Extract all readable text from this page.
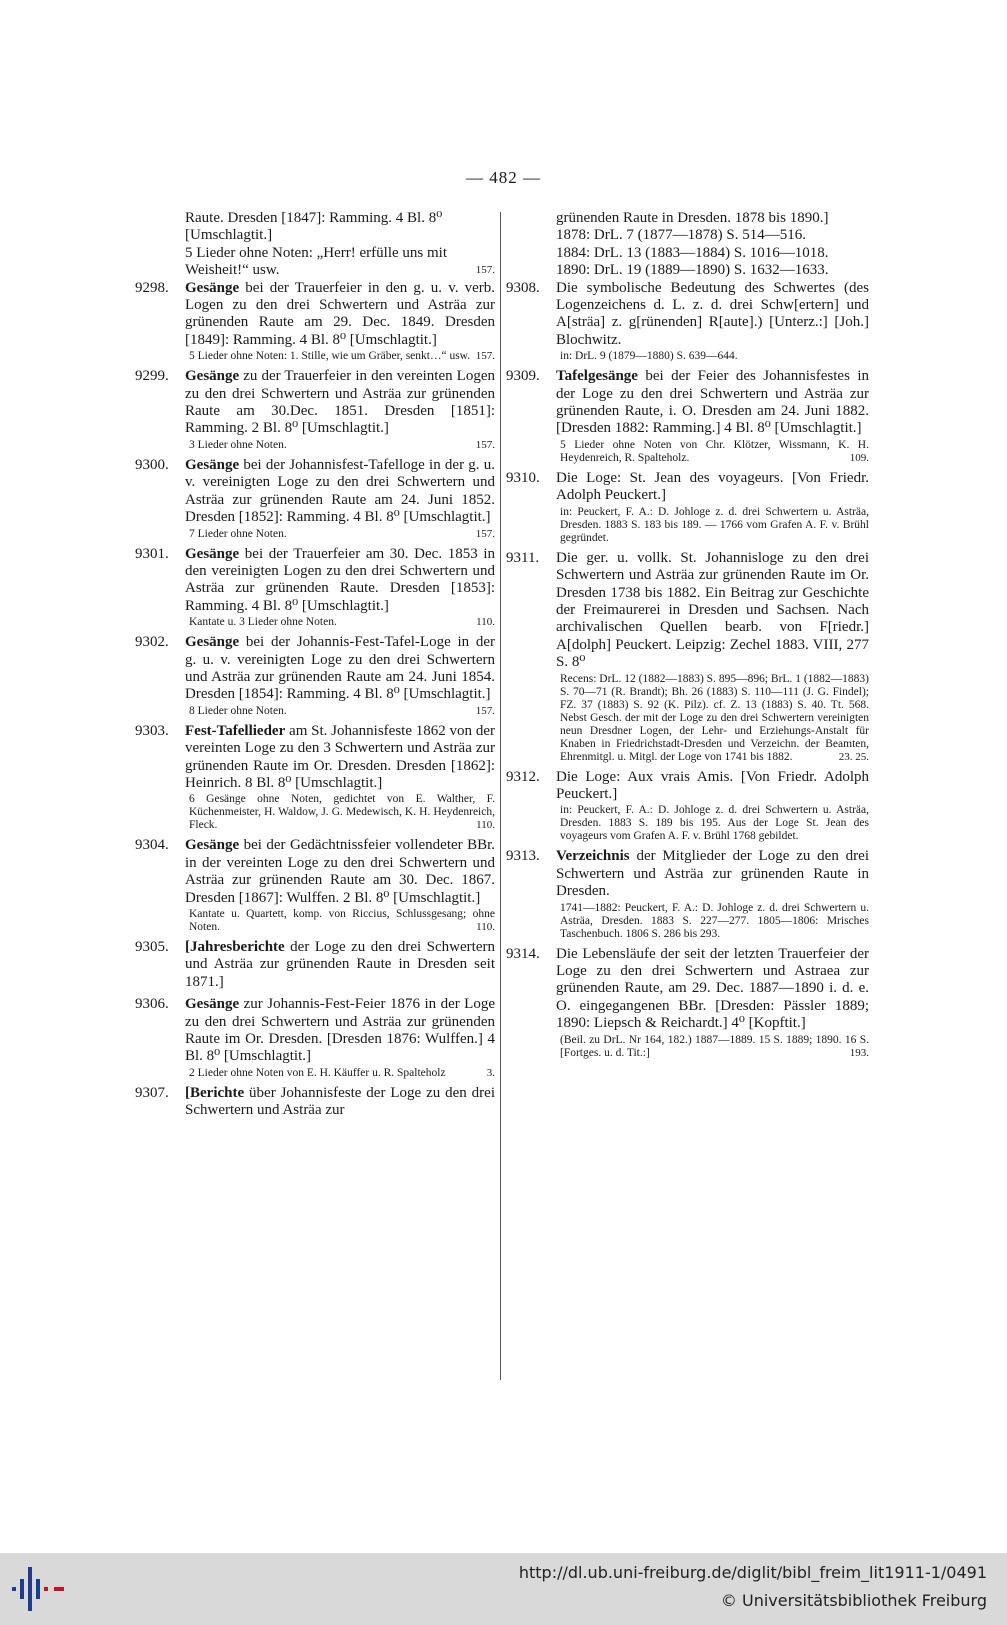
— 482 —
Raute. Dresden [1847]: Ramming. 4 Bl. 8⁰ [Umschlagtit.]
5 Lieder ohne Noten: „Herr! erfülle uns mit Weisheit!“ usw.	157.
9298.	Gesänge bei der Trauerfeier in den g. u. v. verb. Logen zu den drei Schwertern und Asträa zur grünenden Raute am 29. Dec. 1849. Dresden [1849]: Ramming. 4 Bl. 8⁰ [Umschlagtit.]
5 Lieder ohne Noten: 1. Stille, wie um Gräber, senkt…“ usw. 157.
9299.	Gesänge zu der Trauerfeier in den vereinten Logen zu den drei Schwertern und Asträa zur grünenden Raute am 30.Dec. 1851. Dresden [1851]: Ramming. 2 Bl. 8⁰ [Umschlagtit.]
3 Lieder ohne Noten.	157.
9300.	Gesänge bei der Johannisfest-Tafelloge in der g. u. v. vereinigten Loge zu den drei Schwertern und Asträa zur grünenden Raute am 24. Juni 1852. Dresden [1852]: Ramming. 4 Bl. 8⁰ [Umschlagtit.]
7 Lieder ohne Noten.	157.
9301.	Gesänge bei der Trauerfeier am 30. Dec. 1853 in den vereinigten Logen zu den drei Schwertern und Asträa zur grünenden Raute. Dresden [1853]: Ramming. 4 Bl. 8⁰ [Umschlagtit.]
Kantate u. 3 Lieder ohne Noten.	110.
9302.	Gesänge bei der Johannis-Fest-Tafel-Loge in der g. u. v. vereinigten Loge zu den drei Schwertern und Asträa zur grünenden Raute am 24. Juni 1854. Dresden [1854]: Ramming. 4 Bl. 8⁰ [Umschlagtit.]
8 Lieder ohne Noten.	157.
9303.	Fest-Tafellieder am St. Johannisfeste 1862 von der vereinten Loge zu den 3 Schwertern und Asträa zur grünenden Raute im Or. Dresden. Dresden [1862]: Heinrich. 8 Bl. 8⁰ [Umschlagtit.]
6 Gesänge ohne Noten, gedichtet von E. Walther, F. Küchenmeister, H. Waldow, J. G. Medewisch, K. H. Heydenreich, Fleck.	110.
9304.	Gesänge bei der Gedächtnissfeier vollendeter BBr. in der vereinten Loge zu den drei Schwertern und Asträa zur grünenden Raute am 30. Dec. 1867. Dresden [1867]: Wulffen. 2 Bl. 8⁰ [Umschlagtit.]
Kantate u. Quartett, komp. von Riccius, Schlussgesang; ohne Noten.	110.
9305.	[Jahresberichte der Loge zu den drei Schwertern und Asträa zur grünenden Raute in Dresden seit 1871.]
9306.	Gesänge zur Johannis-Fest-Feier 1876 in der Loge zu den drei Schwertern und Asträa zur grünenden Raute im Or. Dresden. [Dresden 1876: Wulffen.] 4 Bl. 8⁰ [Umschlagtit.]
2 Lieder ohne Noten von E. H. Käuffer u. R. Spalteholz	3.
9307.	[Berichte über Johannisfeste der Loge zu den drei Schwertern und Asträa zur
grünenden Raute in Dresden. 1878 bis 1890.]
1878: DrL. 7 (1877—1878) S. 514—516.
1884: DrL. 13 (1883—1884) S. 1016—1018.
1890: DrL. 19 (1889—1890) S. 1632—1633.
9308.	Die symbolische Bedeutung des Schwertes (des Logenzeichens d. L. z. d. drei Schw[ertern] und A[sträa] z. g[rünenden] R[aute].) [Unterz.:] [Joh.] Blochwitz.
in: DrL. 9 (1879—1880) S. 639—644.
9309.	Tafelgesänge bei der Feier des Johannisfestes in der Loge zu den drei Schwertern und Asträa zur grünenden Raute, i. O. Dresden am 24. Juni 1882. [Dresden 1882: Ramming.] 4 Bl. 8⁰ [Umschlagtit.]
5 Lieder ohne Noten von Chr. Klötzer, Wissmann, K. H. Heydenreich, R. Spalteholz.	109.
9310.	Die Loge: St. Jean des voyageurs. [Von Friedr. Adolph Peuckert.]
in: Peuckert, F. A.: D. Johloge z. d. drei Schwertern u. Asträa, Dresden. 1883 S. 183 bis 189. — 1766 vom Grafen A. F. v. Brühl gegründet.
9311.	Die ger. u. vollk. St. Johannisloge zu den drei Schwertern und Asträa zur grünenden Raute im Or. Dresden 1738 bis 1882. Ein Beitrag zur Geschichte der Freimaurerei in Dresden und Sachsen. Nach archivalischen Quellen bearb. von F[riedr.] A[dolph] Peuckert. Leipzig: Zechel 1883. VIII, 277 S. 8⁰
Recens: DrL. 12 (1882—1883) S. 895—896; BrL. 1 (1882—1883) S. 70—71 (R. Brandt); Bh. 26 (1883) S. 110—111 (J. G. Findel); FZ. 37 (1883) S. 92 (K. Pilz). cf. Z. 13 (1883) S. 40. Tt. 568. Nebst Gesch. der mit der Loge zu den drei Schwertern vereinigten neun Dresdner Logen, der Lehr- und Erziehungs-Anstalt für Knaben in Friedrichstadt-Dresden und Verzeichn. der Beamten, Ehrenmitgl. u. Mitgl. der Loge von 1741 bis 1882.	23. 25.
9312.	Die Loge: Aux vrais Amis. [Von Friedr. Adolph Peuckert.]
in: Peuckert, F. A.: D. Johloge z. d. drei Schwertern u. Asträa, Dresden. 1883 S. 189 bis 195. Aus der Loge St. Jean des voyageurs vom Grafen A. F. v. Brühl 1768 gebildet.
9313.	Verzeichnis der Mitglieder der Loge zu den drei Schwertern und Asträa zur grünenden Raute in Dresden.
1741—1882: Peuckert, F. A.: D. Johloge z. d. drei Schwertern u. Asträa, Dresden. 1883 S. 227—277. 1805—1806: Mrisches Taschenbuch. 1806 S. 286 bis 293.
9314.	Die Lebensläufe der seit der letzten Trauerfeier der Loge zu den drei Schwertern und Astraea zur grünenden Raute, am 29. Dec. 1887—1890 i. d. e. O. eingegangenen BBr. [Dresden: Pässler 1889; 1890: Liepsch & Reichardt.] 4⁰ [Kopftit.]
(Beil. zu DrL. Nr 164, 182.) 1887—1889. 15 S. 1889; 1890. 16 S. [Fortges. u. d. Tit.:]	193.
http://dl.ub.uni-freiburg.de/diglit/bibl_freim_lit1911-1/0491
© Universitätsbibliothek Freiburg
